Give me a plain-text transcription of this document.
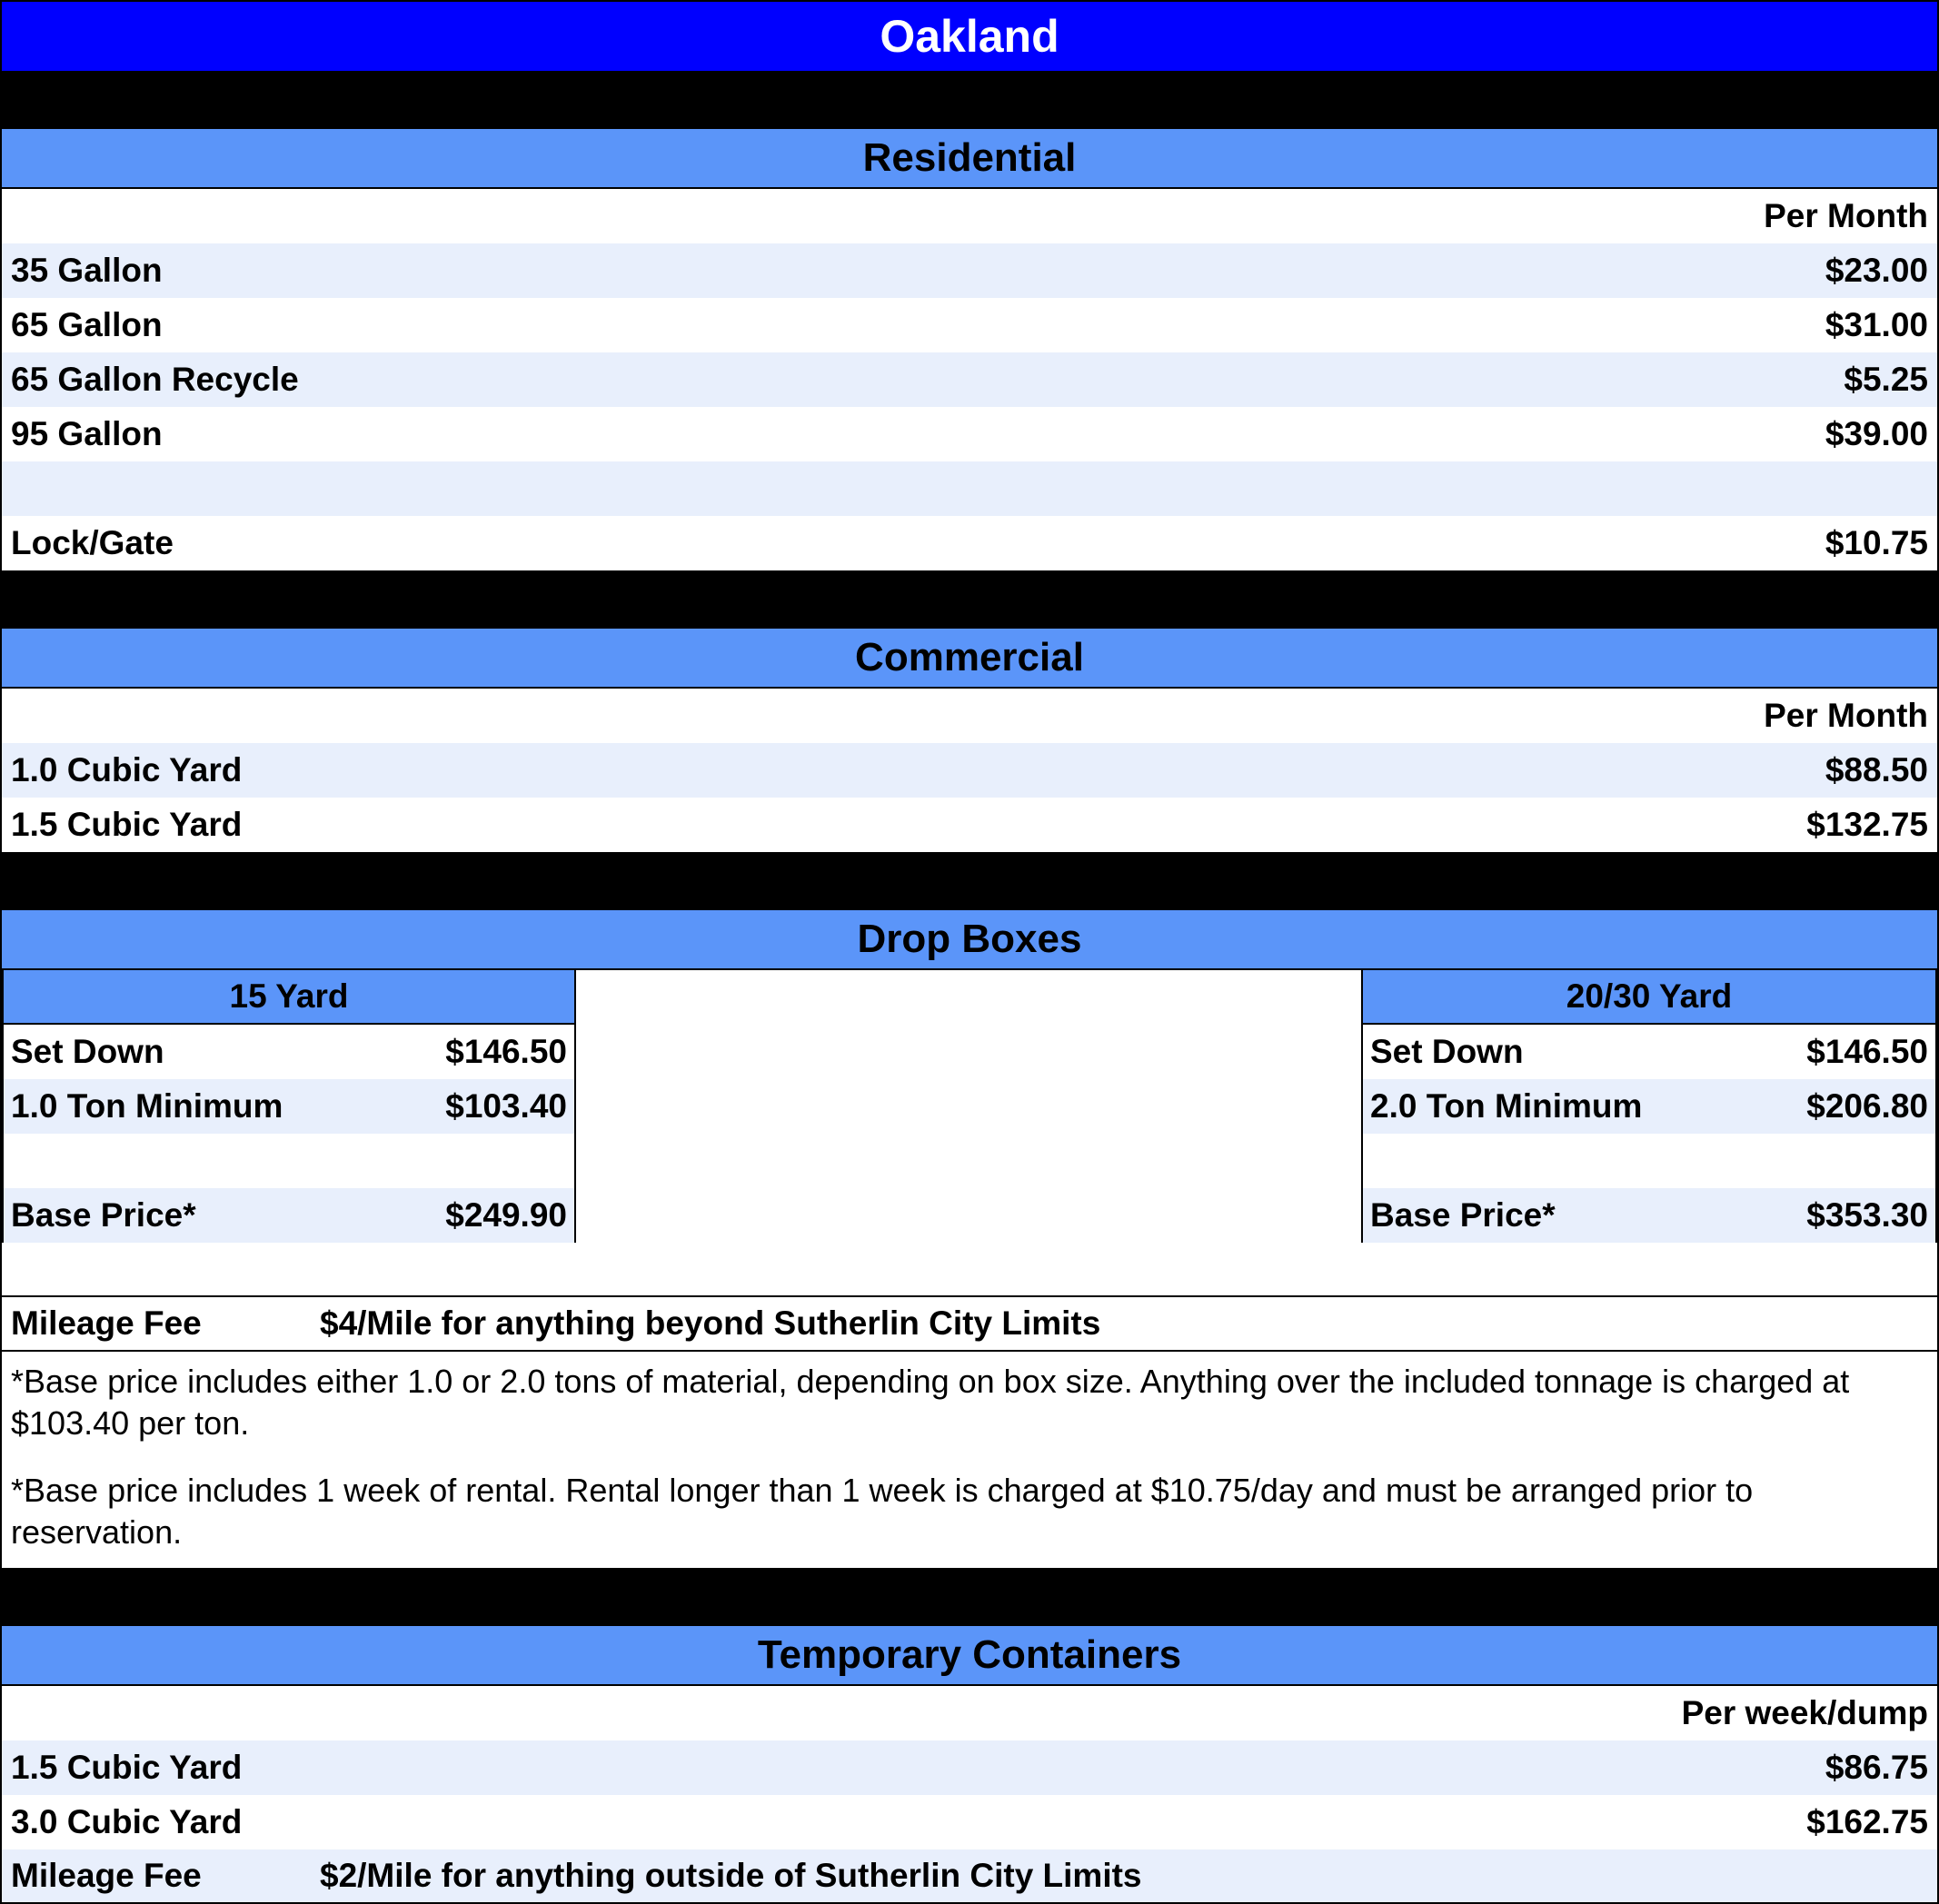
Oakland
Residential
Per Month
35 Gallon	$23.00
65 Gallon	$31.00
65 Gallon Recycle	$5.25
95 Gallon	$39.00
Lock/Gate	$10.75
Commercial
Per Month
1.0 Cubic Yard	$88.50
1.5 Cubic Yard	$132.75
Drop Boxes
15 Yard
Set Down	$146.50
1.0 Ton Minimum	$103.40
Base Price*	$249.90
20/30 Yard
Set Down	$146.50
2.0 Ton Minimum	$206.80
Base Price*	$353.30
Mileage Fee	$4/Mile for anything beyond Sutherlin City Limits
*Base price includes either 1.0 or 2.0 tons of material, depending on box size. Anything over the included tonnage is charged at $103.40 per ton.
*Base price includes 1 week of rental. Rental longer than 1 week is charged at $10.75/day and must be arranged prior to reservation.
Temporary Containers
Per week/dump
1.5 Cubic Yard	$86.75
3.0 Cubic Yard	$162.75
Mileage Fee	$2/Mile for anything outside of Sutherlin City Limits
